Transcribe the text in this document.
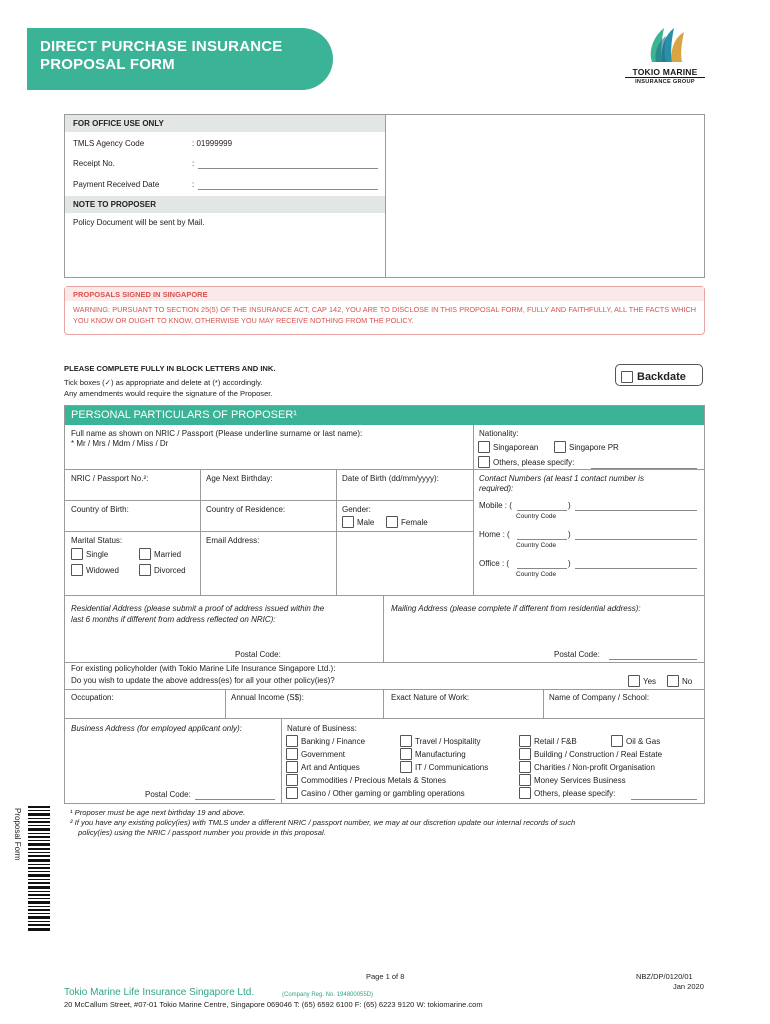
DIRECT PURCHASE INSURANCE
PROPOSAL FORM	TOKIO MARINE
INSURANCE GROUP
FOR OFFICE USE ONLY
TMLS Agency Code	: 01999999
Receipt No.	:
Payment Received Date	:
NOTE TO PROPOSER
Policy Document will be sent by Mail.
PROPOSALS SIGNED IN SINGAPORE
WARNING: PURSUANT TO SECTION 25(5) OF THE INSURANCE ACT, CAP 142, YOU ARE TO DISCLOSE IN THIS PROPOSAL FORM, FULLY AND FAITHFULLY, ALL THE FACTS WHICH YOU KNOW OR OUGHT TO KNOW, OTHERWISE YOU MAY RECEIVE NOTHING FROM THE POLICY.
PLEASE COMPLETE FULLY IN BLOCK LETTERS AND INK.
Tick boxes (✓) as appropriate and delete at (*) accordingly.
Any amendments would require the signature of the Proposer.
Backdate
PERSONAL PARTICULARS OF PROPOSER¹
Full name as shown on NRIC / Passport (Please underline surname or last name):
* Mr / Mrs / Mdm / Miss / Dr
Nationality:
Singaporean	Singapore PR
Others, please specify:
NRIC / Passport No.²:	Age Next Birthday:	Date of Birth (dd/mm/yyyy):	Contact Numbers (at least 1 contact number is
required):
Country of Birth:	Country of Residence:	Gender:
Male	Female
Mobile : (	)
Country Code
Home : (	)
Country Code
Office : (	)
Country Code
Marital Status:
Single	Married
Widowed	Divorced
Email Address:
Residential Address (please submit a proof of address issued within the
last 6 months if different from address reflected on NRIC):
Postal Code:
Mailing Address (please complete if different from residential address):
Postal Code:
For existing policyholder (with Tokio Marine Life Insurance Singapore Ltd.):
Do you wish to update the above address(es) for all your other policy(ies)?	Yes	No
Occupation:	Annual Income (S$):	Exact Nature of Work:	Name of Company / School:
Business Address (for employed applicant only):
Postal Code:
Nature of Business:
Banking / Finance
Government
Art and Antiques
Commodities / Precious Metals & Stones
Casino / Other gaming or gambling operations
Travel / Hospitality
Manufacturing
IT / Communications
Retail / F&B	Oil & Gas
Building / Construction / Real Estate
Charities / Non-profit Organisation
Money Services Business
Others, please specify:
¹ Proposer must be age next birthday 19 and above.
² If you have any existing policy(ies) with TMLS under a different NRIC / passport number, we may at our discretion update our internal records of such
policy(ies) using the NRIC / passport number you provide in this proposal.
Proposal Form
Page 1 of 8	NBZ/DP/0120/01
Jan 2020
Tokio Marine Life Insurance Singapore Ltd.	(Company Reg. No. 194800055D)
20 McCallum Street, #07-01 Tokio Marine Centre, Singapore 069046 T: (65) 6592 6100 F: (65) 6223 9120 W: tokiomarine.com
